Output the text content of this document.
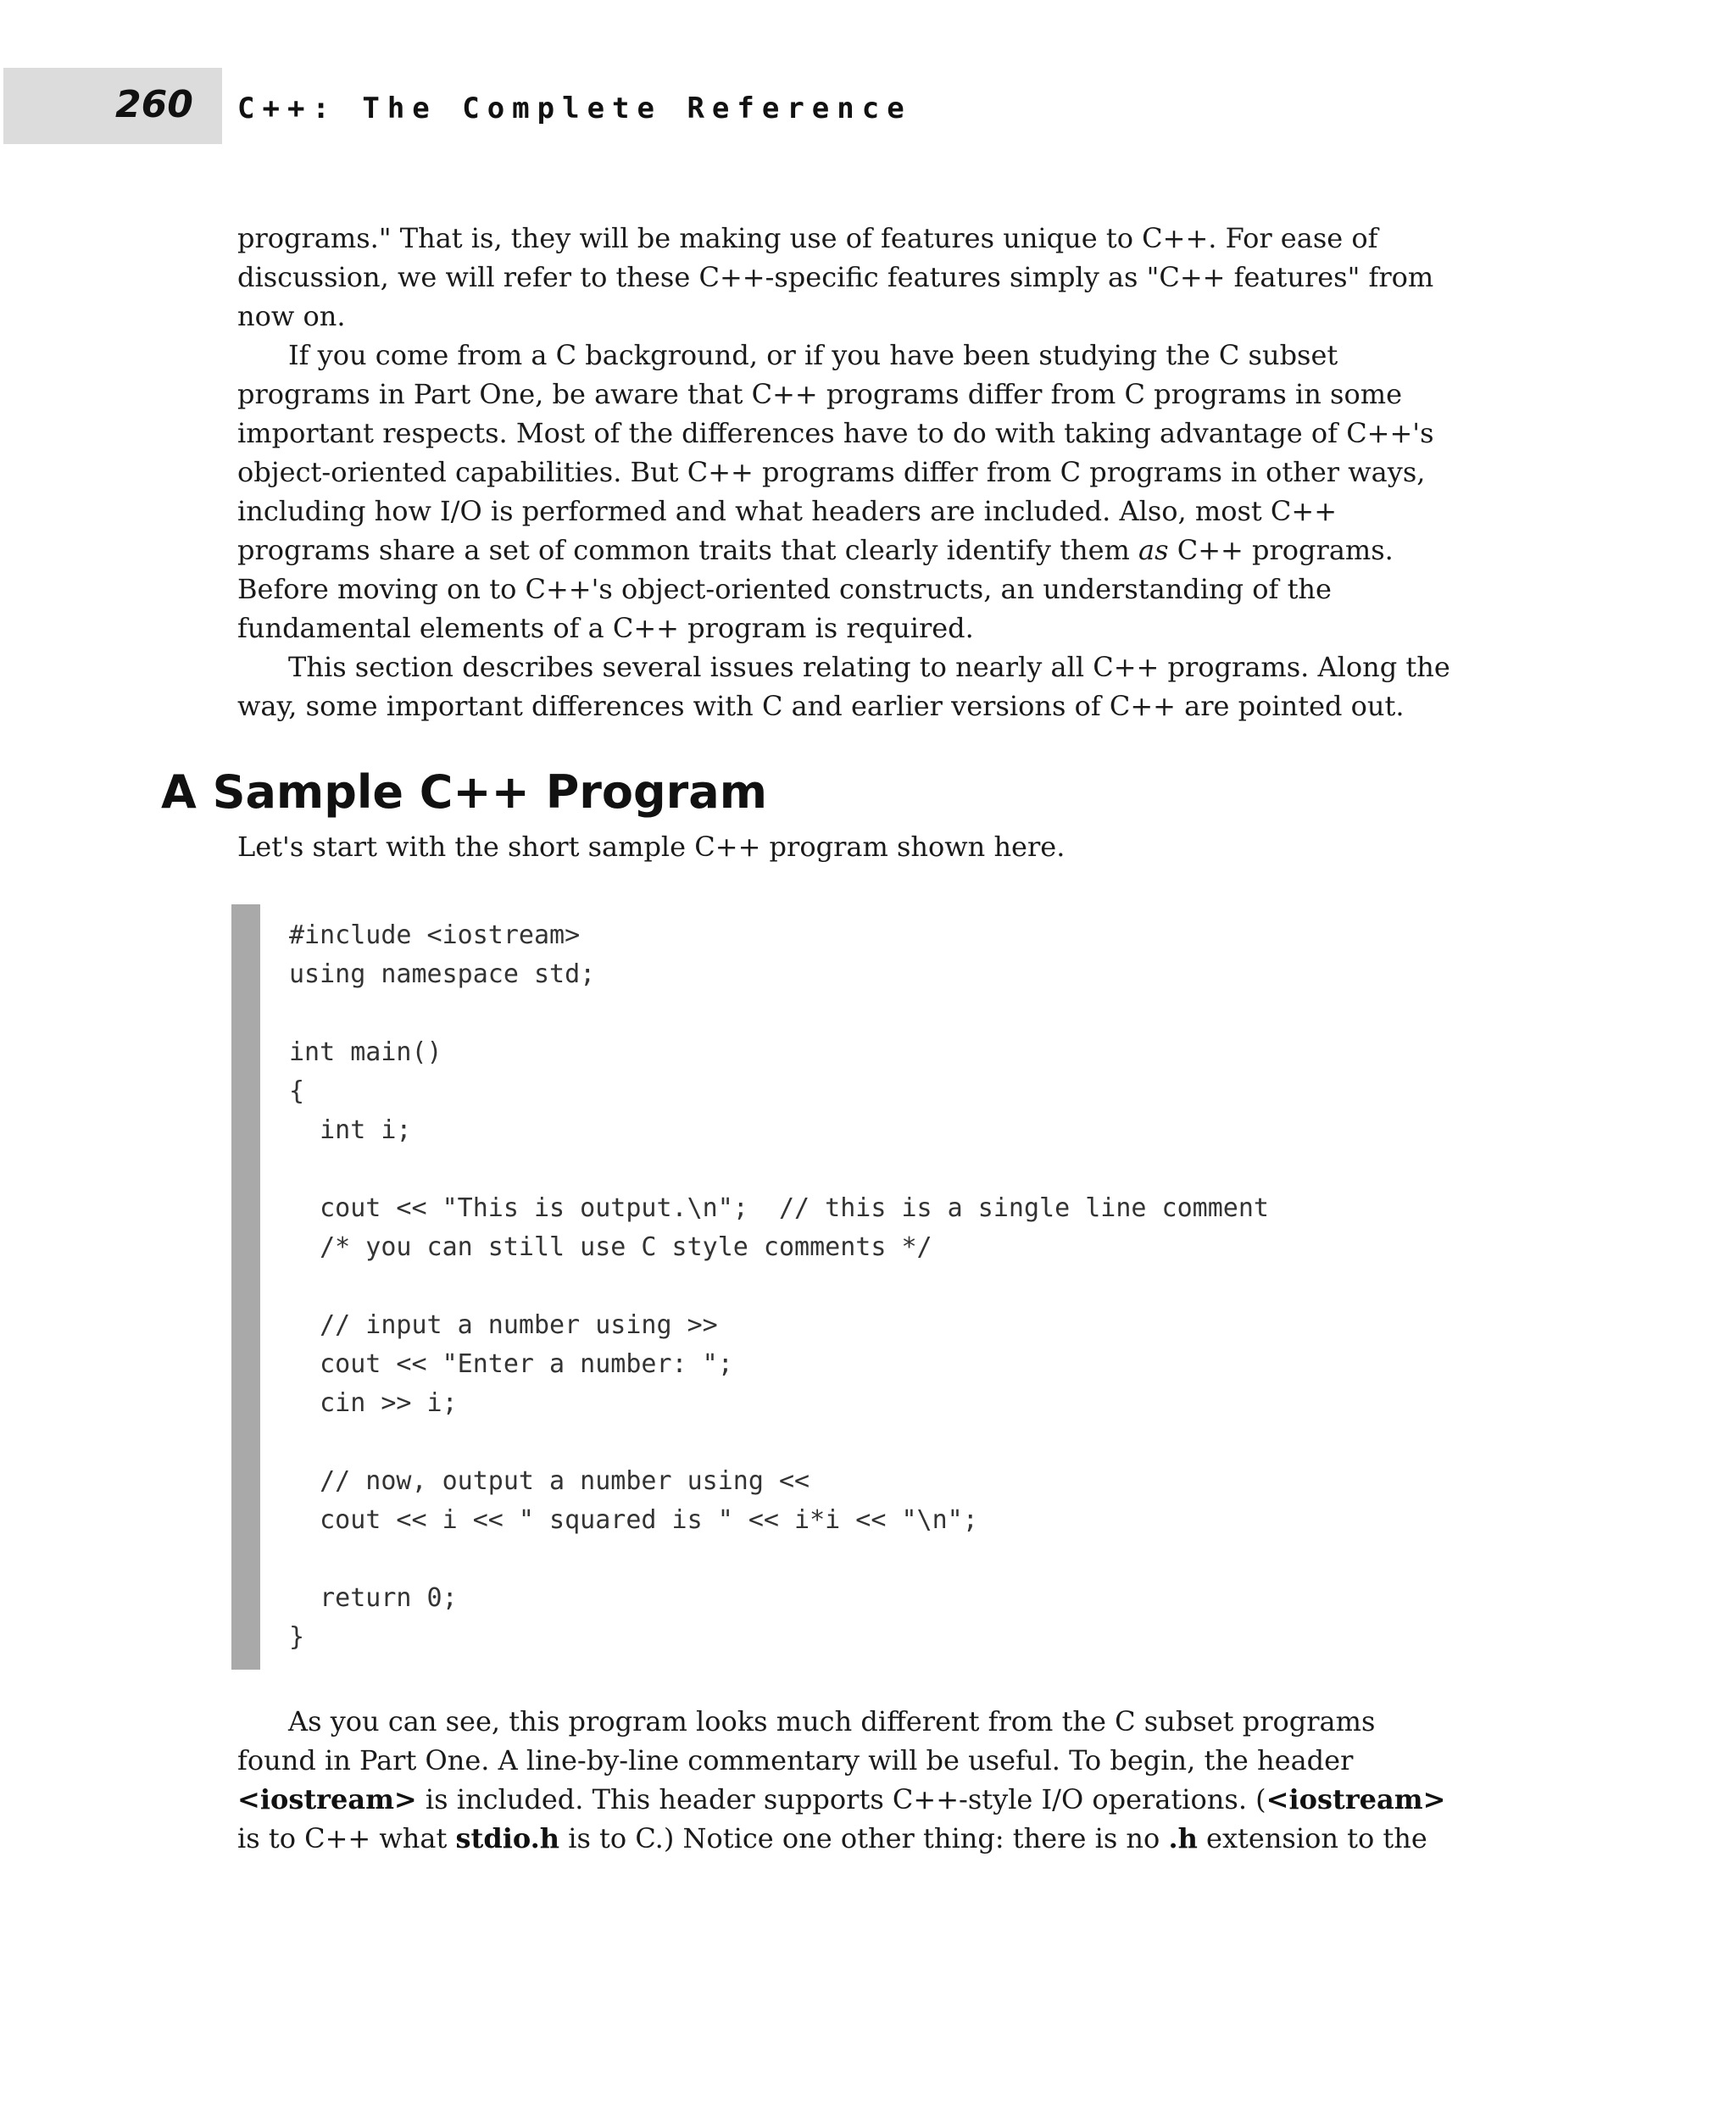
260 C++: The Complete Reference

programs." That is, they will be making use of features unique to C++. For ease of

discussion, we will refer to these C++-specific features simply as "C++ features" from

now on.

If you come from a C background, or if you have been studying the C subset

programs in Part One, be aware that C++ programs differ from C programs in some

important respects. Most of the differences have to do with taking advantage of C++'s

object-oriented capabilities. But C++ programs differ from C programs in other ways,

including how I/O is performed and what headers are included. Also, most C++

programs share a set of common traits that clearly identify them as C++ programs.

Before moving on to C++'s object-oriented constructs, an understanding of the

fundamental elements of a C++ program is required.

This section describes several issues relating to nearly all C++ programs. Along the

way, some important differences with C and earlier versions of C++ are pointed out.

A Sample C++ Program
Let's start with the short sample C++ program shown here.
#include <iostream>
using namespace std;
int main()
{
int i;
cout << "This is output.\n";  // this is a single line comment
/* you can still use C style comments */
// input a number using >>
cout << "Enter a number: ";
cin >> i;
// now, output a number using <<
cout << i << " squared is " << i*i << "\n";
return 0;
}

As you can see, this program looks much different from the C subset programs

found in Part One. A line-by-line commentary will be useful. To begin, the header

<iostream> is included. This header supports C++-style I/O operations. (<iostream>

is to C++ what stdio.h is to C.) Notice one other thing: there is no .h extension to the
